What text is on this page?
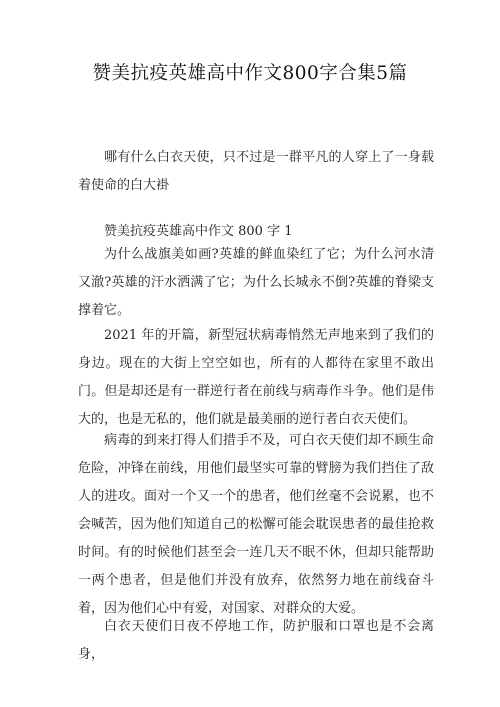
赞美抗疫英雄高中作文800字合集5篇

哪有什么白衣天使，只不过是一群平凡的人穿上了一身载着使命的白大褂

赞美抗疫英雄高中作文 800 字 1

为什么战旗美如画?英雄的鲜血染红了它；为什么河水清又澈?英雄的汗水洒满了它；为什么长城永不倒?英雄的脊梁支撑着它。

2021 年的开篇，新型冠状病毒悄然无声地来到了我们的身边。现在的大街上空空如也，所有的人都待在家里不敢出门。但是却还是有一群逆行者在前线与病毒作斗争。他们是伟大的，也是无私的，他们就是最美丽的逆行者白衣天使们。

病毒的到来打得人们措手不及，可白衣天使们却不顾生命危险，冲锋在前线，用他们最坚实可靠的臂膀为我们挡住了敌人的进攻。面对一个又一个的患者，他们丝毫不会说累，也不会喊苦，因为他们知道自己的松懈可能会耽误患者的最佳抢救时间。有的时候他们甚至会一连几天不眠不休，但却只能帮助一两个患者，但是他们并没有放弃，依然努力地在前线奋斗着，因为他们心中有爱，对国家、对群众的大爱。

白衣天使们日夜不停地工作，防护服和口罩也是不会离身，
